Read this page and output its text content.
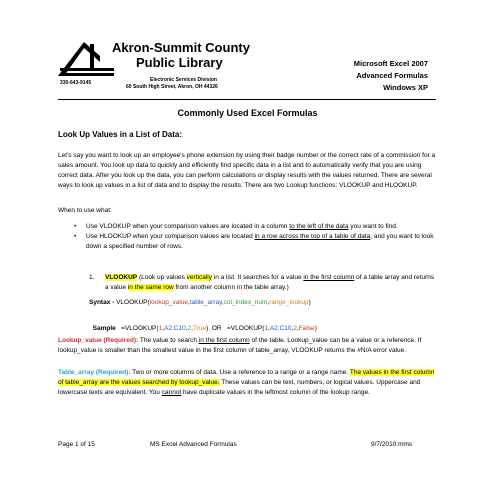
Akron-Summit County
Public Library
330-643-9145	Electronic Services Division
60 South High Street, Akron, OH 44326
Microsoft Excel 2007
Advanced Formulas
Windows XP
Commonly Used Excel Formulas
Look Up Values in a List of Data:
Let's say you want to look up an employee's phone extension by using their badge number or the correct rate of a commission for a sales amount. You look up data to quickly and efficiently find specific data in a list and to automatically verify that you are using correct data. After you look up the data, you can perform calculations or display results with the values returned. There are several ways to look up values in a list of data and to display the results. There are two Lookup functions: VLOOKUP and HLOOKUP.
When to use what:
• Use VLOOKUP when your comparison values are located in a column to the left of the data you want to find.
• Use HLOOKUP when your comparison values are located in a row across the top of a table of data, and you want to look down a specified number of rows.
1. VLOOKUP (Look up values vertically in a list. It searches for a value in the first column of a table array and returns a value in the same row from another column in the table array.)
Syntax - VLOOKUP(lookup_value,table_array,col_index_num,range_lookup)

Sample   =VLOOKUP(1,A2:C10,2,True)  OR   =VLOOKUP(1,A2:C10,2,False)

Lookup_value (Required): The value to search in the first column of the table. Lookup_value can be a value or a reference. If lookup_value is smaller than the smallest value in the first column of table_array, VLOOKUP returns the #N/A error value.
Table_array (Required): Two or more columns of data. Use a reference to a range or a range name. The values in the first column of table_array are the values searched by lookup_value. These values can be text, numbers, or logical values. Uppercase and lowercase texts are equivalent. You cannot have duplicate values in the leftmost column of the lookup range.
Page 1 of 15	MS Excel Advanced Formulas	9/7/2010:mms
